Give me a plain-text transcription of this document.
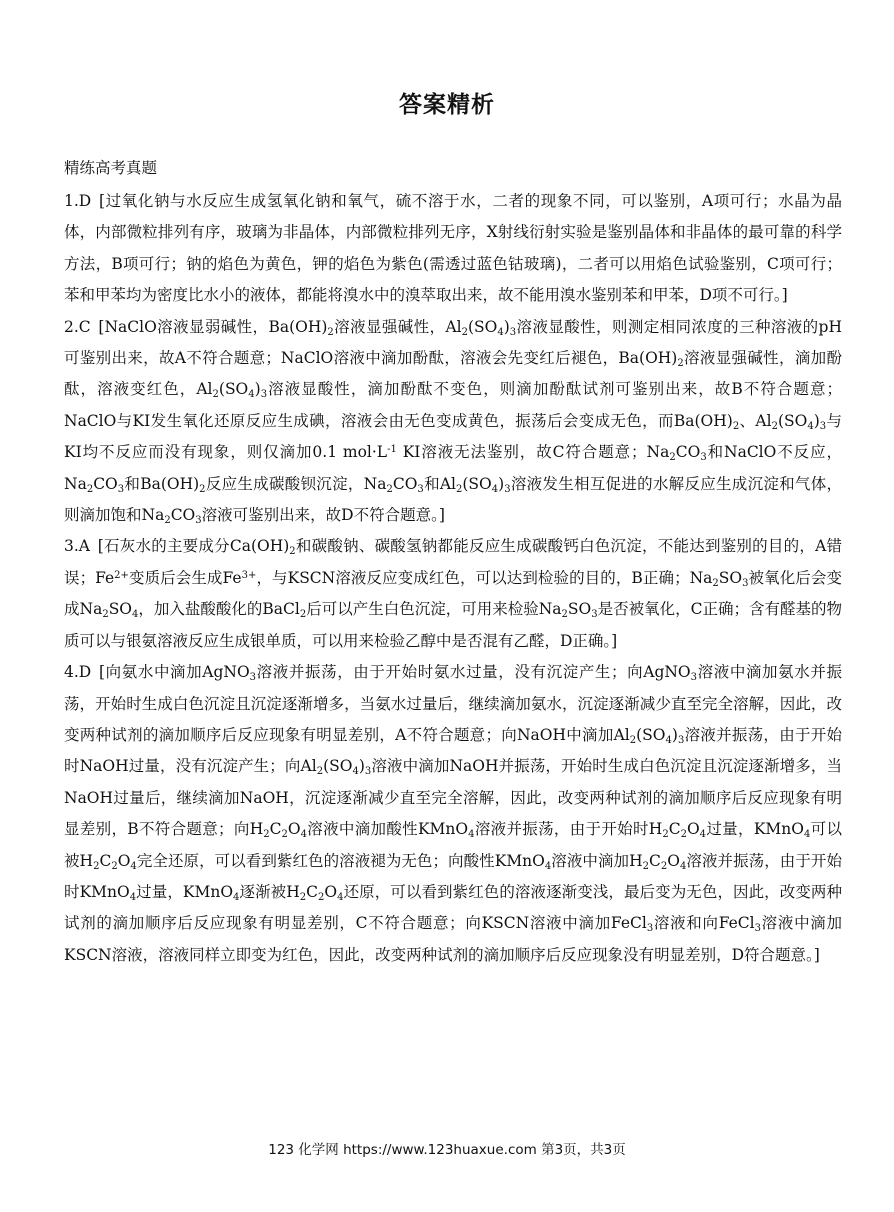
答案精析
精练高考真题

1.D  [过氧化钠与水反应生成氢氧化钠和氧气，硫不溶于水，二者的现象不同，可以鉴别，A项可行；水晶为晶体，内部微粒排列有序，玻璃为非晶体，内部微粒排列无序，X射线衍射实验是鉴别晶体和非晶体的最可靠的科学方法，B项可行；钠的焰色为黄色，钾的焰色为紫色(需透过蓝色钴玻璃)，二者可以用焰色试验鉴别，C项可行；苯和甲苯均为密度比水小的液体，都能将溴水中的溴萃取出来，故不能用溴水鉴别苯和甲苯，D项不可行。]

2.C  [NaClO溶液显弱碱性，$Ba(OH)_2$溶液显强碱性，$Al_2(SO_4)_3$溶液显酸性，则测定相同浓度的三种溶液的pH可鉴别出来，故A不符合题意；NaClO溶液中滴加酚酞，溶液会先变红后褪色，$Ba(OH)_2$溶液显强碱性，滴加酚酞，溶液变红色，$Al_2(SO_4)_3$溶液显酸性，滴加酚酞不变色，则滴加酚酞试剂可鉴别出来，故B不符合题意；NaClO与KI发生氧化还原反应生成碘，溶液会由无色变成黄色，振荡后会变成无色，而$Ba(OH)_2$、$Al_2(SO_4)_3$与KI均不反应而没有现象，则仅滴加0.1 $mol\cdot L^{-1}$ KI溶液无法鉴别，故C符合题意；$Na_2CO_3$和NaClO不反应，$Na_2CO_3$和$Ba(OH)_2$反应生成碳酸钡沉淀，$Na_2CO_3$和$Al_2(SO_4)_3$溶液发生相互促进的水解反应生成沉淀和气体，则滴加饱和$Na_2CO_3$溶液可鉴别出来，故D不符合题意。]

3.A  [石灰水的主要成分$Ca(OH)_2$和碳酸钠、碳酸氢钠都能反应生成碳酸钙白色沉淀，不能达到鉴别的目的，A错误；$Fe^{2+}$变质后会生成$Fe^{3+}$，与KSCN溶液反应变成红色，可以达到检验的目的，B正确；$Na_2SO_3$被氧化后会变成$Na_2SO_4$，加入盐酸酸化的BaCl$_2$后可以产生白色沉淀，可用来检验$Na_2SO_3$是否被氧化，C正确；含有醛基的物质可以与银氨溶液反应生成银单质，可以用来检验乙醇中是否混有乙醛，D正确。]

4.D  [向氨水中滴加AgNO$_3$溶液并振荡，由于开始时氨水过量，没有沉淀产生；向AgNO$_3$溶液中滴加氨水并振荡，开始时生成白色沉淀且沉淀逐渐增多，当氨水过量后，继续滴加氨水，沉淀逐渐减少直至完全溶解，因此，改变两种试剂的滴加顺序后反应现象有明显差别，A不符合题意；向NaOH中滴加$Al_2(SO_4)_3$溶液并振荡，由于开始时NaOH过量，没有沉淀产生；向$Al_2(SO_4)_3$溶液中滴加NaOH并振荡，开始时生成白色沉淀且沉淀逐渐增多，当NaOH过量后，继续滴加NaOH，沉淀逐渐减少直至完全溶解，因此，改变两种试剂的滴加顺序后反应现象有明显差别，B不符合题意；向$H_2C_2O_4$溶液中滴加酸性KMnO$_4$溶液并振荡，由于开始时$H_2C_2O_4$过量，KMnO$_4$可以被$H_2C_2O_4$完全还原，可以看到紫红色的溶液褪为无色；向酸性KMnO$_4$溶液中滴加$H_2C_2O_4$溶液并振荡，由于开始时KMnO$_4$过量，KMnO$_4$逐渐被$H_2C_2O_4$还原，可以看到紫红色的溶液逐渐变浅，最后变为无色，因此，改变两种试剂的滴加顺序后反应现象有明显差别，C不符合题意；向KSCN溶液中滴加FeCl$_3$溶液和向FeCl$_3$溶液中滴加KSCN溶液，溶液同样立即变为红色，因此，改变两种试剂的滴加顺序后反应现象没有明显差别，D符合题意。]

123 化学网 https://www.123huaxue.com 第3页，共3页
